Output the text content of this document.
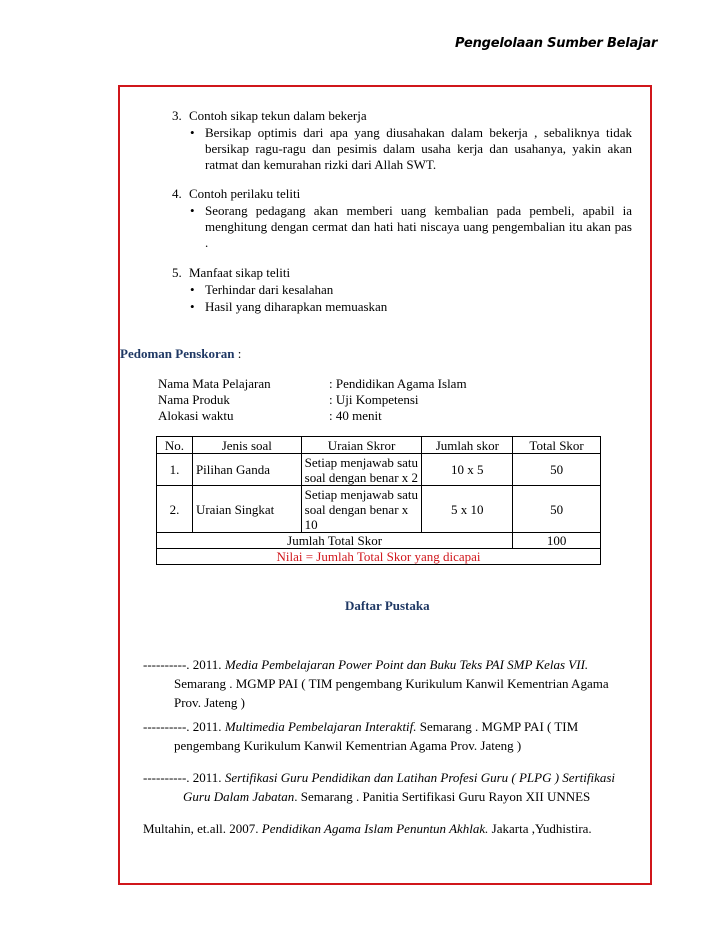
Pengelolaan Sumber Belajar
3. Contoh sikap tekun dalam bekerja
• Bersikap optimis dari apa yang diusahakan dalam bekerja , sebaliknya tidak bersikap ragu-ragu dan pesimis dalam usaha kerja dan usahanya, yakin akan ratmat dan kemurahan rizki dari Allah SWT.
4. Contoh perilaku teliti
• Seorang pedagang akan memberi uang kembalian pada pembeli, apabil ia menghitung dengan cermat dan hati hati niscaya uang pengembalian itu akan pas .
5. Manfaat sikap teliti
• Terhindar dari kesalahan
• Hasil yang diharapkan memuaskan
Pedoman Penskoran :
Nama Mata Pelajaran	: Pendidikan Agama Islam
Nama Produk	: Uji Kompetensi
Alokasi waktu	: 40 menit
No.	Jenis soal	Uraian Skror	Jumlah skor	Total Skor
1.	Pilihan Ganda	Setiap menjawab satu soal dengan benar x 2	10 x 5	50
2.	Uraian Singkat	Setiap menjawab satu soal dengan benar x 10	5 x 10	50
Jumlah Total Skor				100
Nilai = Jumlah Total Skor yang dicapai				
Daftar Pustaka
----------. 2011. Media Pembelajaran Power Point dan Buku Teks PAI SMP Kelas VII.
Semarang . MGMP PAI ( TIM pengembang Kurikulum Kanwil Kementrian Agama
Prov. Jateng )
----------. 2011. Multimedia Pembelajaran Interaktif. Semarang . MGMP PAI ( TIM
pengembang Kurikulum Kanwil Kementrian Agama Prov. Jateng )
----------. 2011. Sertifikasi Guru Pendidikan dan Latihan Profesi Guru ( PLPG ) Sertifikasi
Guru Dalam Jabatan. Semarang . Panitia Sertifikasi Guru Rayon XII UNNES
Multahin, et.all. 2007. Pendidikan Agama Islam Penuntun Akhlak. Jakarta ,Yudhistira.
